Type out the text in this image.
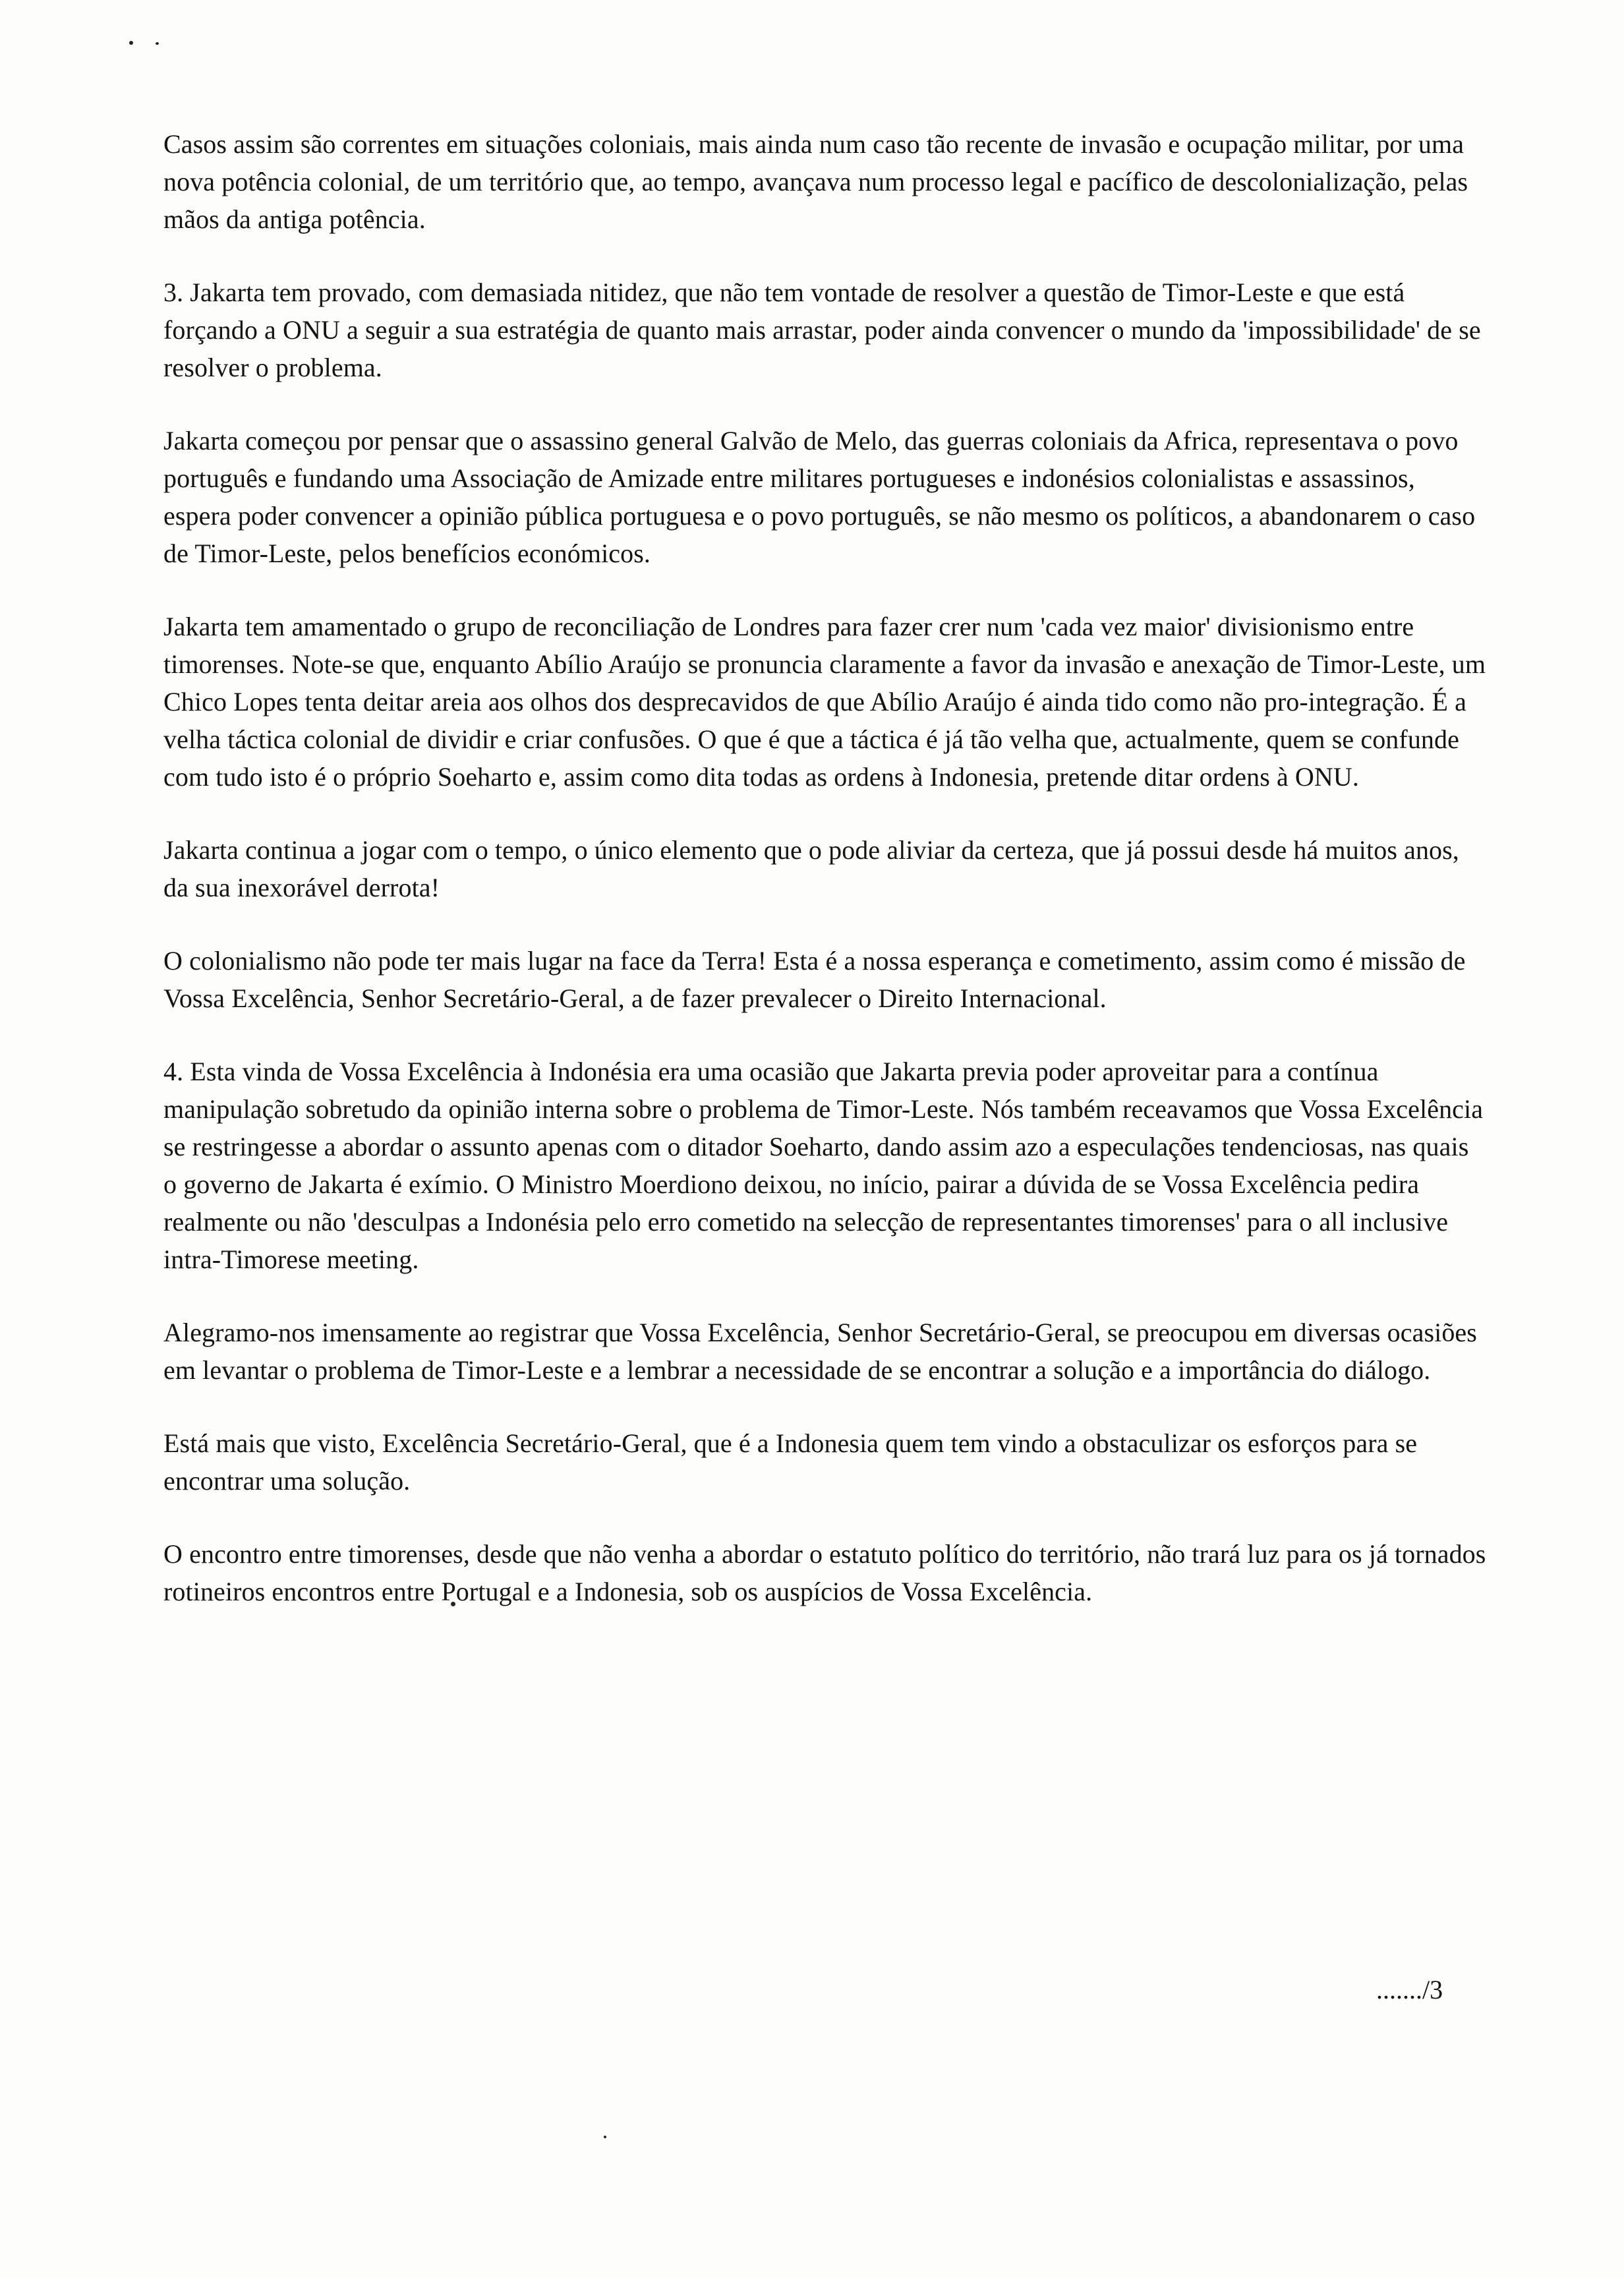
Casos assim são correntes em situações coloniais, mais ainda num caso tão recente de invasão e ocupação militar, por uma nova potência colonial, de um território que, ao tempo, avançava num processo legal e pacífico de descolonialização, pelas mãos da antiga potência.

3. Jakarta tem provado, com demasiada nitidez, que não tem vontade de resolver a questão de Timor-Leste e que está forçando a ONU a seguir a sua estratégia de quanto mais arrastar, poder ainda convencer o mundo da 'impossibilidade' de se resolver o problema.

Jakarta começou por pensar que o assassino general Galvão de Melo, das guerras coloniais da Africa, representava o povo português e fundando uma Associação de Amizade entre militares portugueses e indonésios colonialistas e assassinos, espera poder convencer a opinião pública portuguesa e o povo português, se não mesmo os políticos, a abandonarem o caso de Timor-Leste, pelos benefícios económicos.

Jakarta tem amamentado o grupo de reconciliação de Londres para fazer crer num 'cada vez maior' divisionismo entre timorenses. Note-se que, enquanto Abílio Araújo se pronuncia claramente a favor da invasão e anexação de Timor-Leste, um Chico Lopes tenta deitar areia aos olhos dos desprecavidos de que Abílio Araújo é ainda tido como não pro-integração. É a velha táctica colonial de dividir e criar confusões. O que é que a táctica é já tão velha que, actualmente, quem se confunde com tudo isto é o próprio Soeharto e, assim como dita todas as ordens à Indonesia, pretende ditar ordens à ONU.

Jakarta continua a jogar com o tempo, o único elemento que o pode aliviar da certeza, que já possui desde há muitos anos, da sua inexorável derrota!

O colonialismo não pode ter mais lugar na face da Terra! Esta é a nossa esperança e cometimento, assim como é missão de Vossa Excelência, Senhor Secretário-Geral, a de fazer prevalecer o Direito Internacional.

4. Esta vinda de Vossa Excelência à Indonésia era uma ocasião que Jakarta previa poder aproveitar para a contínua manipulação sobretudo da opinião interna sobre o problema de Timor-Leste. Nós também receavamos que Vossa Excelência se restringesse a abordar o assunto apenas com o ditador Soeharto, dando assim azo a especulações tendenciosas, nas quais o governo de Jakarta é exímio. O Ministro Moerdiono deixou, no início, pairar a dúvida de se Vossa Excelência pedira realmente ou não 'desculpas a Indonésia pelo erro cometido na selecção de representantes timorenses' para o all inclusive intra-Timorese meeting.

Alegramo-nos imensamente ao registrar que Vossa Excelência, Senhor Secretário-Geral, se preocupou em diversas ocasiões em levantar o problema de Timor-Leste e a lembrar a necessidade de se encontrar a solução e a importância do diálogo.

Está mais que visto, Excelência Secretário-Geral, que é a Indonesia quem tem vindo a obstaculizar os esforços para se encontrar uma solução.

O encontro entre timorenses, desde que não venha a abordar o estatuto político do território, não trará luz para os já tornados rotineiros encontros entre Portugal e a Indonesia, sob os auspícios de Vossa Excelência.

......./3
